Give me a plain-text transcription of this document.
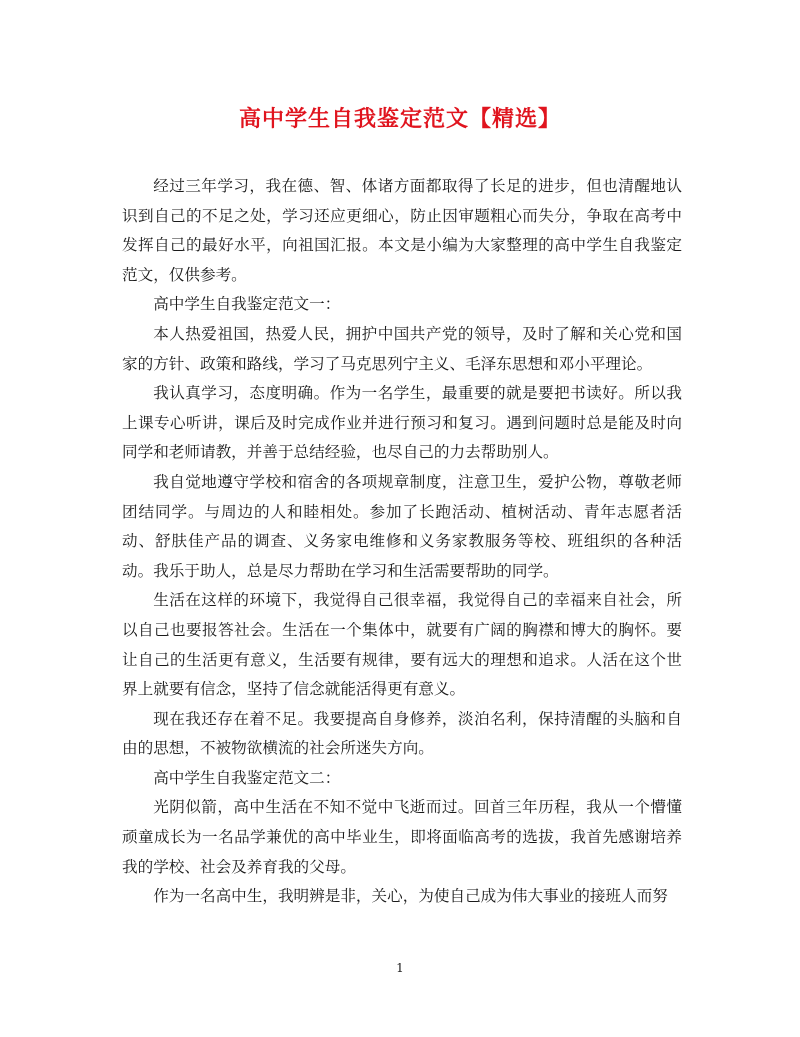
高中学生自我鉴定范文【精选】

经过三年学习，我在德、智、体诸方面都取得了长足的进步，但也清醒地认识到自己的不足之处，学习还应更细心，防止因审题粗心而失分，争取在高考中发挥自己的最好水平，向祖国汇报。本文是小编为大家整理的高中学生自我鉴定范文，仅供参考。

高中学生自我鉴定范文一：

本人热爱祖国，热爱人民，拥护中国共产党的领导，及时了解和关心党和国家的方针、政策和路线，学习了马克思列宁主义、毛泽东思想和邓小平理论。

我认真学习，态度明确。作为一名学生，最重要的就是要把书读好。所以我上课专心听讲，课后及时完成作业并进行预习和复习。遇到问题时总是能及时向同学和老师请教，并善于总结经验，也尽自己的力去帮助别人。

我自觉地遵守学校和宿舍的各项规章制度，注意卫生，爱护公物，尊敬老师团结同学。与周边的人和睦相处。参加了长跑活动、植树活动、青年志愿者活动、舒肤佳产品的调查、义务家电维修和义务家教服务等校、班组织的各种活动。我乐于助人，总是尽力帮助在学习和生活需要帮助的同学。

生活在这样的环境下，我觉得自己很幸福，我觉得自己的幸福来自社会，所以自己也要报答社会。生活在一个集体中，就要有广阔的胸襟和博大的胸怀。要让自己的生活更有意义，生活要有规律，要有远大的理想和追求。人活在这个世界上就要有信念，坚持了信念就能活得更有意义。

现在我还存在着不足。我要提高自身修养，淡泊名利，保持清醒的头脑和自由的思想，不被物欲横流的社会所迷失方向。

高中学生自我鉴定范文二：

光阴似箭，高中生活在不知不觉中飞逝而过。回首三年历程，我从一个懵懂顽童成长为一名品学兼优的高中毕业生，即将面临高考的选拔，我首先感谢培养我的学校、社会及养育我的父母。

作为一名高中生，我明辨是非，关心，为使自己成为伟大事业的接班人而努

1
